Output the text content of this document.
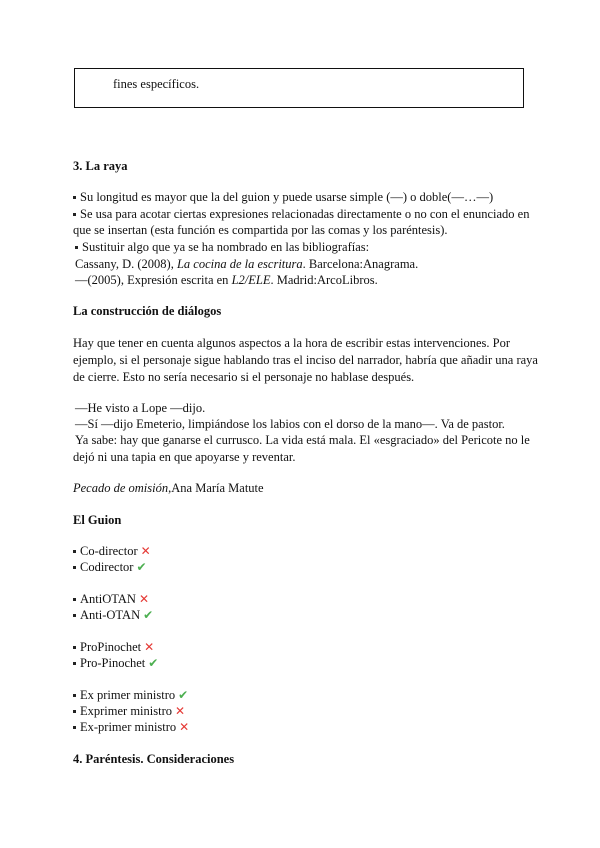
fines específicos.
3. La raya
Su longitud es mayor que la del guion y puede usarse simple (—) o doble(—…—)
Se usa para acotar ciertas expresiones relacionadas directamente o no con el enunciado en
que se insertan (esta función es compartida por las comas y los paréntesis).
Sustituir algo que ya se ha nombrado en las bibliografías:
Cassany, D. (2008), La cocina de la escritura. Barcelona:Anagrama.
—(2005), Expresión escrita en L2/ELE. Madrid:ArcoLibros.
La construcción de diálogos
Hay que tener en cuenta algunos aspectos a la hora de escribir estas intervenciones. Por
ejemplo, si el personaje sigue hablando tras el inciso del narrador, habría que añadir una raya
de cierre. Esto no sería necesario si el personaje no hablase después.
—He visto a Lope —dijo.
—Sí —dijo Emeterio, limpiándose los labios con el dorso de la mano—. Va de pastor.
Ya sabe: hay que ganarse el currusco. La vida está mala. El «esgraciado» del Pericote no le
dejó ni una tapia en que apoyarse y reventar.
Pecado de omisión,Ana María Matute
El Guion
Co-director ✕
Codirector ✔
AntiOTAN ✕
Anti-OTAN ✔
ProPinochet ✕
Pro-Pinochet ✔
Ex primer ministro ✔
Exprimer ministro ✕
Ex-primer ministro ✕
4. Paréntesis. Consideraciones
